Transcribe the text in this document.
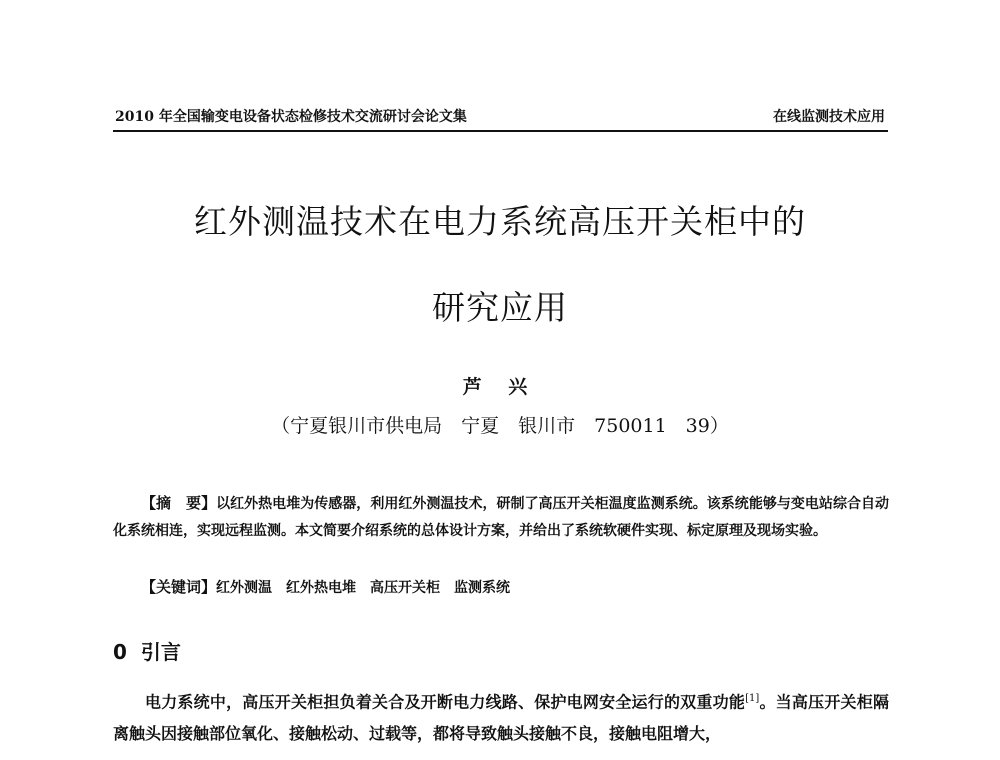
2010 年全国输变电设备状态检修技术交流研讨会论文集	在线监测技术应用
红外测温技术在电力系统高压开关柜中的
研究应用
芦 兴
（宁夏银川市供电局　宁夏　银川市　750011　39）

【摘　要】以红外热电堆为传感器，利用红外测温技术，研制了高压开关柜温度监测系统。该系统能够与变电站综合自动化系统相连，实现远程监测。本文简要介绍系统的总体设计方案，并给出了系统软硬件实现、标定原理及现场实验。

【关键词】红外测温　红外热电堆　高压开关柜　监测系统
0 引言

电力系统中，高压开关柜担负着关合及开断电力线路、保护电网安全运行的双重功能[1]。当高压开关柜隔离触头因接触部位氧化、接触松动、过载等，都将导致触头接触不良，接触电阻增大，
